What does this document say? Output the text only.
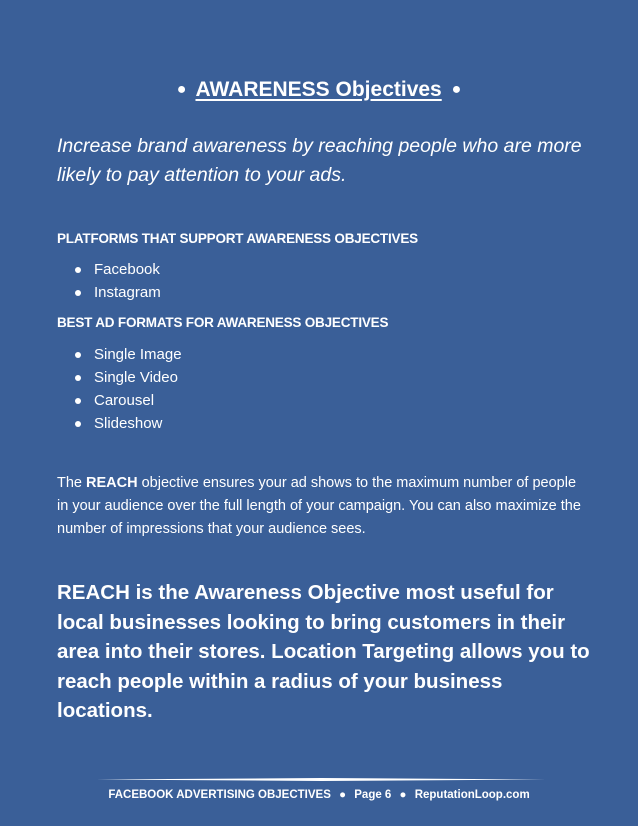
● AWARENESS Objectives ●
Increase brand awareness by reaching people who are more likely to pay attention to your ads.
PLATFORMS THAT SUPPORT AWARENESS OBJECTIVES
Facebook
Instagram
BEST AD FORMATS FOR AWARENESS OBJECTIVES
Single Image
Single Video
Carousel
Slideshow
The REACH objective ensures your ad shows to the maximum number of people in your audience over the full length of your campaign. You can also maximize the number of impressions that your audience sees.
REACH is the Awareness Objective most useful for local businesses looking to bring customers in their area into their stores. Location Targeting allows you to reach people within a radius of your business locations.
FACEBOOK ADVERTISING OBJECTIVES ● Page 6 ● ReputationLoop.com
